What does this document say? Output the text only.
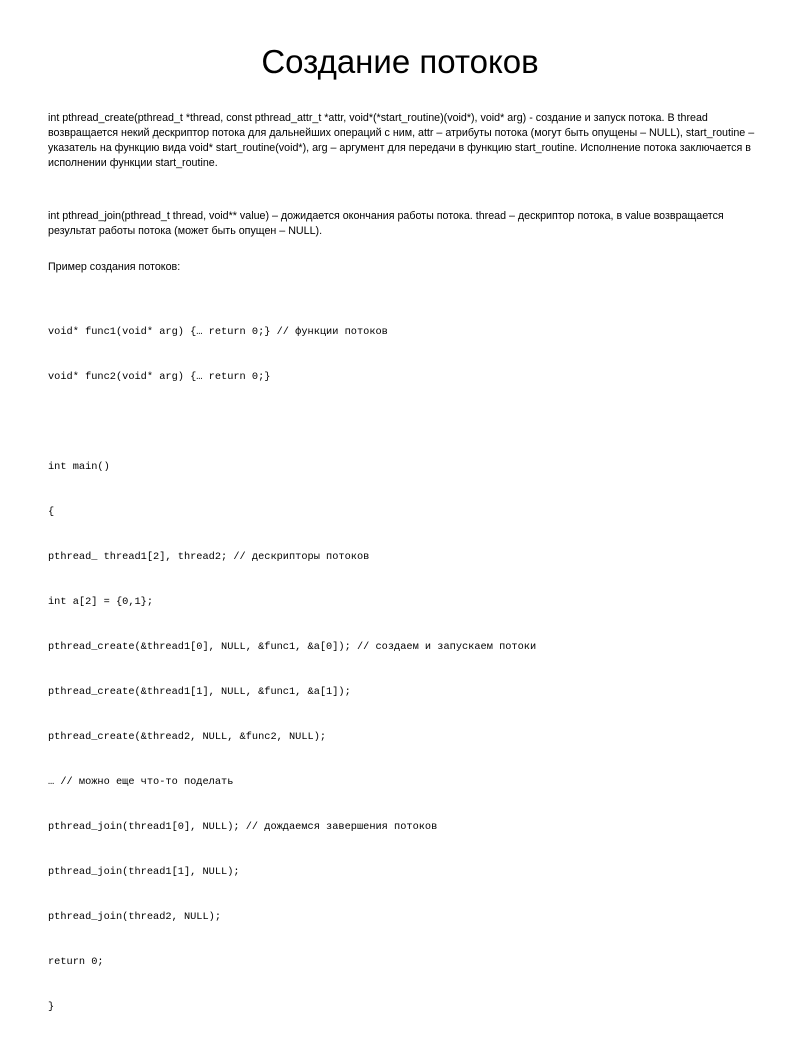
Создание потоков

int pthread_create(pthread_t *thread, const pthread_attr_t *attr, void*(*start_routine)(void*), void* arg) - создание и запуск потока. В thread возвращается некий дескриптор потока для дальнейших операций с ним, attr – атрибуты потока (могут быть опущены – NULL), start_routine – указатель на функцию вида void* start_routine(void*), arg – аргумент для передачи в функцию start_routine. Исполнение потока заключается в исполнении функции start_routine.

int pthread_join(pthread_t thread, void** value) – дожидается окончания работы потока. thread – дескриптор потока, в value возвращается результат работы потока (может быть опущен – NULL).

Пример создания потоков:

void* func1(void* arg) {… return 0;} // функции потоков

void* func2(void* arg) {… return 0;}

int main()

{

pthread_ thread1[2], thread2; // дескрипторы потоков

int a[2] = {0,1};

pthread_create(&thread1[0], NULL, &func1, &a[0]); // создаем и запускаем потоки

pthread_create(&thread1[1], NULL, &func1, &a[1]);

pthread_create(&thread2, NULL, &func2, NULL);

… // можно еще что-то поделать

pthread_join(thread1[0], NULL); // дождаемся завершения потоков

pthread_join(thread1[1], NULL);

pthread_join(thread2, NULL);

return 0;

}
